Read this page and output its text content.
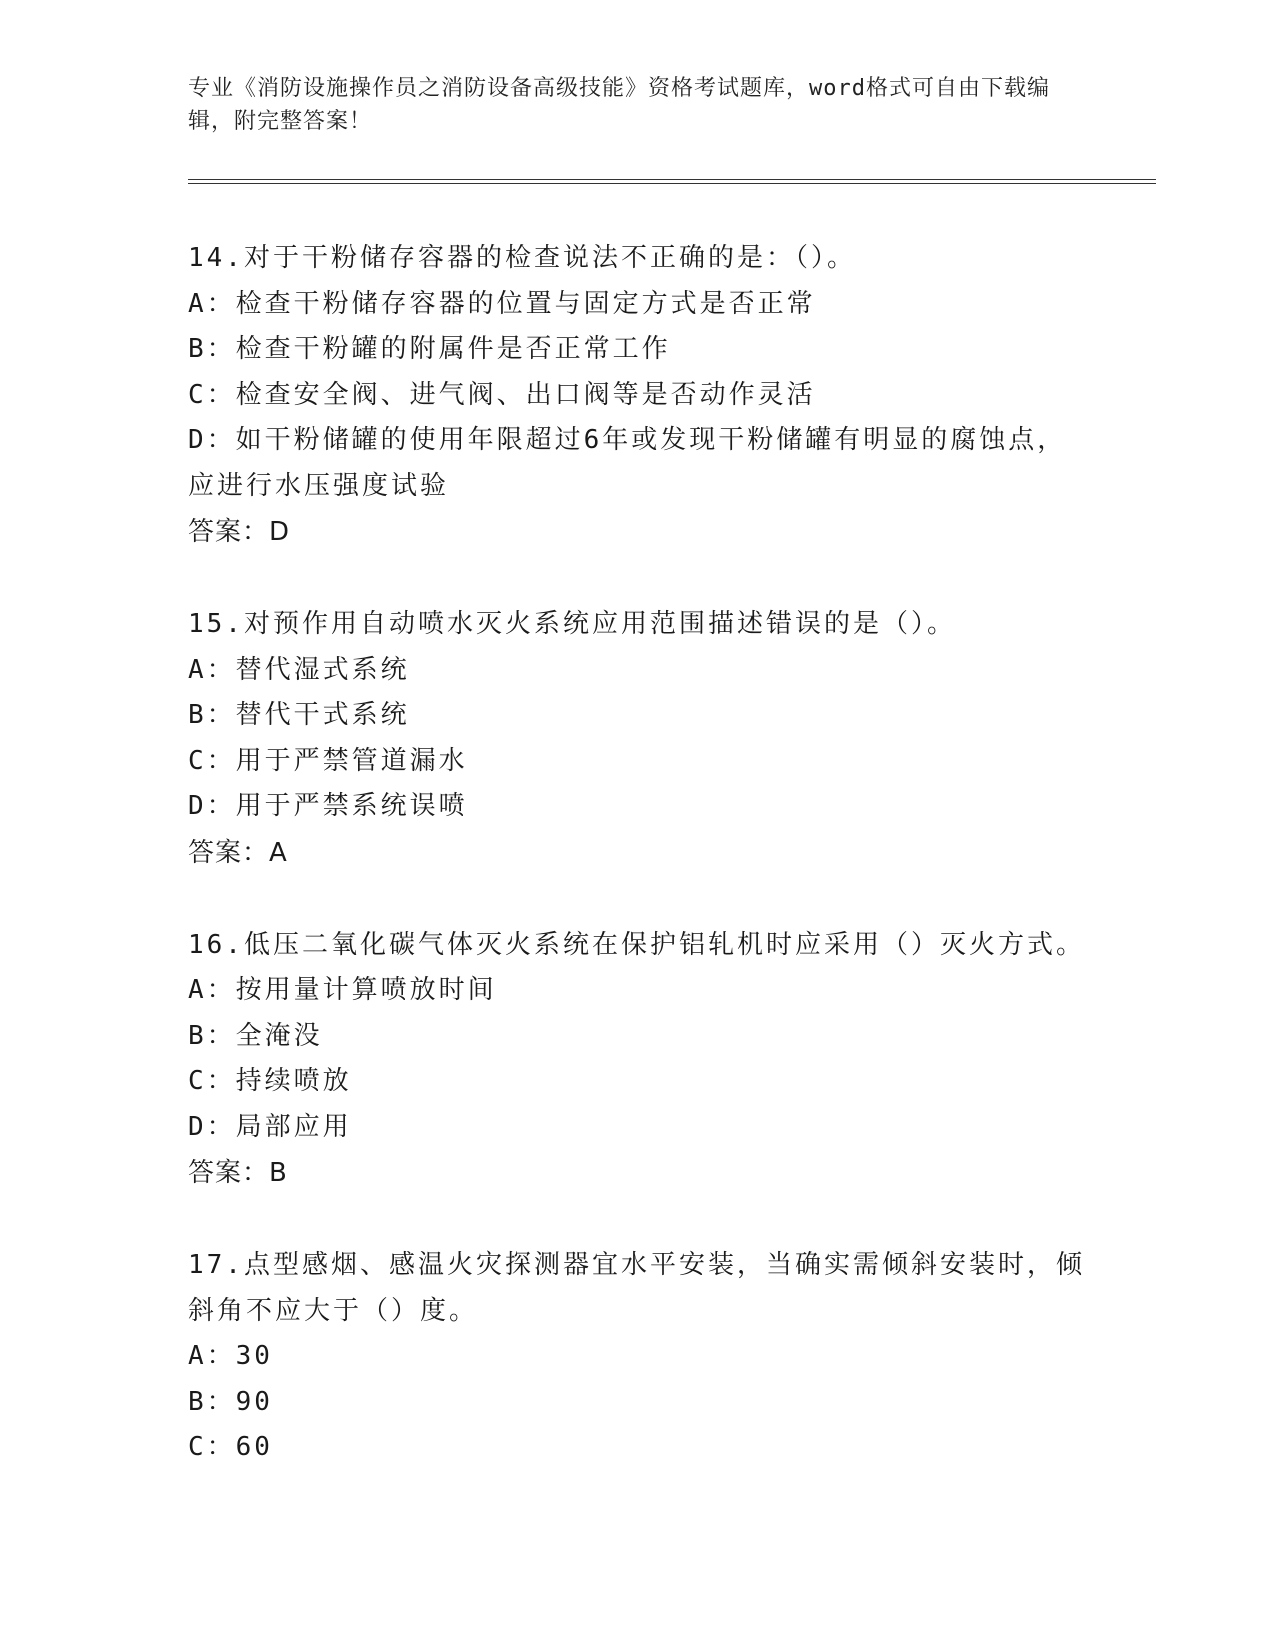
专业《消防设施操作员之消防设备高级技能》资格考试题库，word格式可自由下载编辑，附完整答案！
14.对于干粉储存容器的检查说法不正确的是：（）。
A：检查干粉储存容器的位置与固定方式是否正常
B：检查干粉罐的附属件是否正常工作
C：检查安全阀、进气阀、出口阀等是否动作灵活
D：如干粉储罐的使用年限超过6年或发现干粉储罐有明显的腐蚀点，应进行水压强度试验
答案：D
15.对预作用自动喷水灭火系统应用范围描述错误的是（）。
A：替代湿式系统
B：替代干式系统
C：用于严禁管道漏水
D：用于严禁系统误喷
答案：A
16.低压二氧化碳气体灭火系统在保护铝轧机时应采用（）灭火方式。
A：按用量计算喷放时间
B：全淹没
C：持续喷放
D：局部应用
答案：B
17.点型感烟、感温火灾探测器宜水平安装，当确实需倾斜安装时，倾斜角不应大于（）度。
A：30
B：90
C：60
